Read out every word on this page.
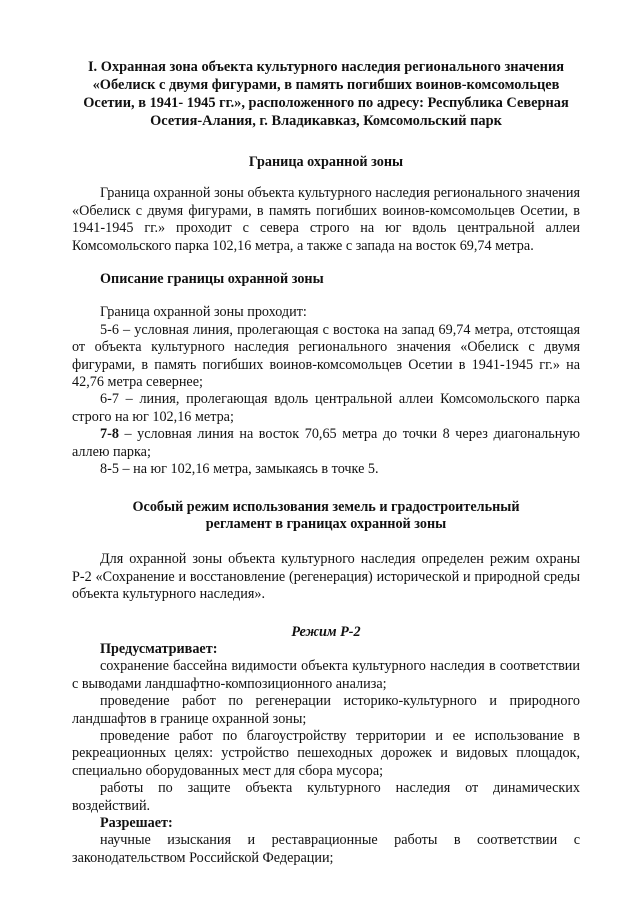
I. Охранная зона объекта культурного наследия регионального значения «Обелиск с двумя фигурами, в память погибших воинов-комсомольцев Осетии, в 1941- 1945 гг.», расположенного по адресу: Республика Северная Осетия-Алания, г. Владикавказ, Комсомольский парк

Граница охранной зоны

Граница охранной зоны объекта культурного наследия регионального значения «Обелиск с двумя фигурами, в память погибших воинов-комсомольцев Осетии, в 1941-1945 гг.» проходит с севера строго на юг вдоль центральной аллеи Комсомольского парка 102,16 метра, а также с запада на восток 69,74 метра.

Описание границы охранной зоны

Граница охранной зоны проходит:

5-6 – условная линия, пролегающая с востока на запад 69,74 метра, отстоящая от объекта культурного наследия регионального значения «Обелиск с двумя фигурами, в память погибших воинов-комсомольцев Осетии в 1941-1945 гг.» на 42,76 метра севернее;

6-7 – линия, пролегающая вдоль центральной аллеи Комсомольского парка строго на юг 102,16 метра;

7-8 – условная линия на восток 70,65 метра до точки 8 через диагональную аллею парка;

8-5 – на юг 102,16 метра, замыкаясь в точке 5.

Особый режим использования земель и градостроительный регламент в границах охранной зоны

Для охранной зоны объекта культурного наследия определен режим охраны Р-2 «Сохранение и восстановление (регенерация) исторической и природной среды объекта культурного наследия».

Режим Р-2

Предусматривает:

сохранение бассейна видимости объекта культурного наследия в соответствии с выводами ландшафтно-композиционного анализа;

проведение работ по регенерации историко-культурного и природного ландшафтов в границе охранной зоны;

проведение работ по благоустройству территории и ее использование в рекреационных целях: устройство пешеходных дорожек и видовых площадок, специально оборудованных мест для сбора мусора;

работы по защите объекта культурного наследия от динамических воздействий.

Разрешает:

научные изыскания и реставрационные работы в соответствии с законодательством Российской Федерации;
